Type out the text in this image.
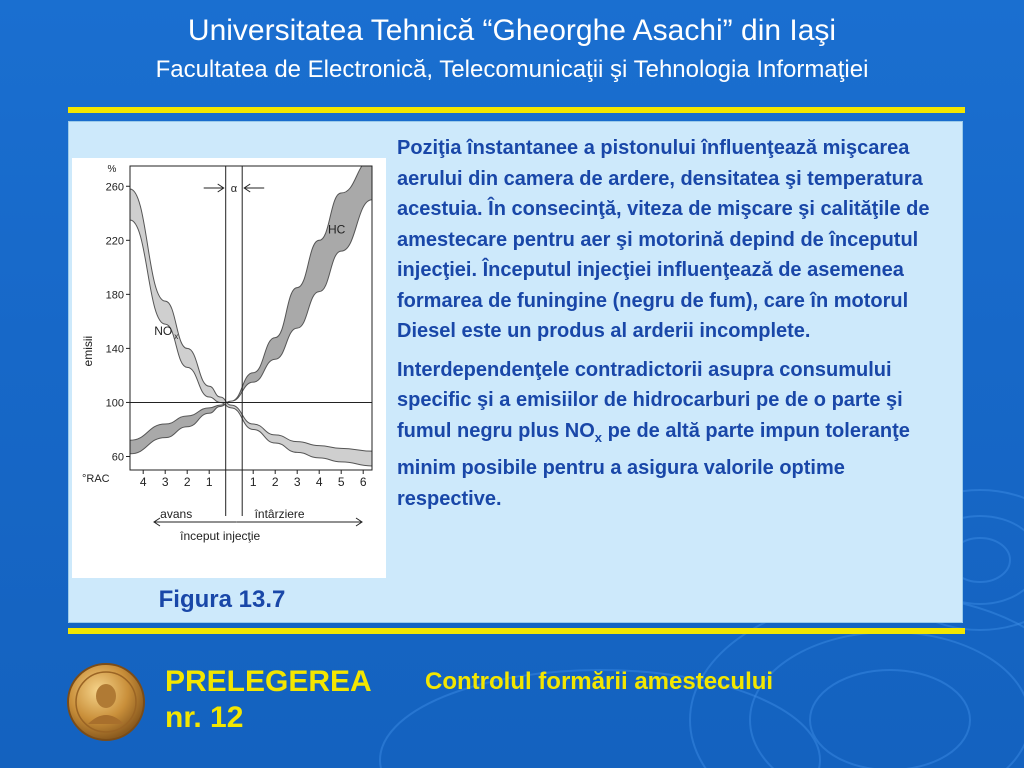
Universitatea Tehnică “Gheorghe Asachi” din Iaşi
Facultatea de Electronică, Telecomunicaţii şi Tehnologia Informaţiei
HC
NO x
60
100
140
180
220
260
%
emisii
α
4 3 2 1	1 2 3 4 5 6
°RAC
avans	întârziere
început injecţie
Figura 13.7

Poziţia înstantanee a pistonului înfluenţează mişcarea aerului din camera de ardere, densitatea şi temperatura acestuia. În consecinţă, viteza de mişcare şi calităţile de amestecare pentru aer şi motorină depind de începutul injecţiei. Începutul injecţiei influenţează de asemenea formarea de funingine (negru de fum), care în motorul Diesel este un produs al arderii incomplete.

Interdependenţele contradictorii asupra consumului specific şi a emisiilor de hidrocarburi pe de o parte şi fumul negru plus $NO_x$ pe de altă parte impun toleranţe minim posibile pentru a asigura valorile optime respective.

PRELEGEREA
nr. 12
Controlul formării amestecului
